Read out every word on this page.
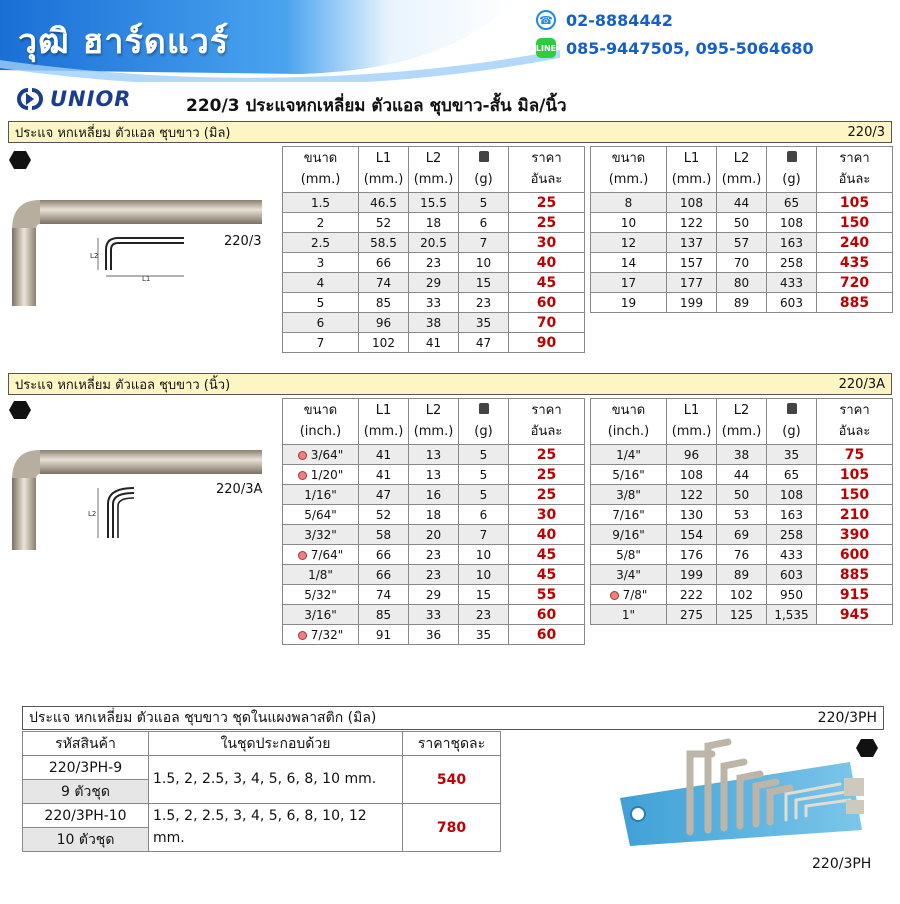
วุฒิ ฮาร์ดแวร์
☎ 02-8884442
LINE 085-9447505, 095-5064680
UNIOR	220/3 ประแจหกเหลี่ยม ตัวแอล ชุบขาว-สั้น มิล/นิ้ว
ประแจ หกเหลี่ยม ตัวแอล ชุบขาว (มิล)	220/3
L2
L1
220/3
ขนาด
(mm.)	L1
(mm.)	L2
(mm.)	(g)	ราคา
อันละ
1.5	46.5	15.5	5	25
2	52	18	6	25
2.5	58.5	20.5	7	30
3	66	23	10	40
4	74	29	15	45
5	85	33	23	60
6	96	38	35	70
7	102	41	47	90
ขนาด
(mm.)	L1
(mm.)	L2
(mm.)	(g)	ราคา
อันละ
8	108	44	65	105
10	122	50	108	150
12	137	57	163	240
14	157	70	258	435
17	177	80	433	720
19	199	89	603	885
ประแจ หกเหลี่ยม ตัวแอล ชุบขาว (นิ้ว)	220/3A
L2
220/3A
ขนาด
(inch.)	L1
(mm.)	L2
(mm.)	(g)	ราคา
อันละ
3/64"	41	13	5	25
1/20"	41	13	5	25
1/16"	47	16	5	25
5/64"	52	18	6	30
3/32"	58	20	7	40
7/64"	66	23	10	45
1/8"	66	23	10	45
5/32"	74	29	15	55
3/16"	85	33	23	60
7/32"	91	36	35	60
ขนาด
(inch.)	L1
(mm.)	L2
(mm.)	(g)	ราคา
อันละ
1/4"	96	38	35	75
5/16"	108	44	65	105
3/8"	122	50	108	150
7/16"	130	53	163	210
9/16"	154	69	258	390
5/8"	176	76	433	600
3/4"	199	89	603	885
7/8"	222	102	950	915
1"	275	125	1,535	945
ประแจ หกเหลี่ยม ตัวแอล ชุบขาว ชุดในแผงพลาสติก (มิล)	220/3PH
รหัสสินค้า	ในชุดประกอบด้วย	ราคาชุดละ
220/3PH-9	1.5, 2, 2.5, 3, 4, 5, 6, 8, 10 mm.	540
9 ตัวชุด		
220/3PH-10	1.5, 2, 2.5, 3, 4, 5, 6, 8, 10, 12 mm.	780
10 ตัวชุด		
220/3PH
